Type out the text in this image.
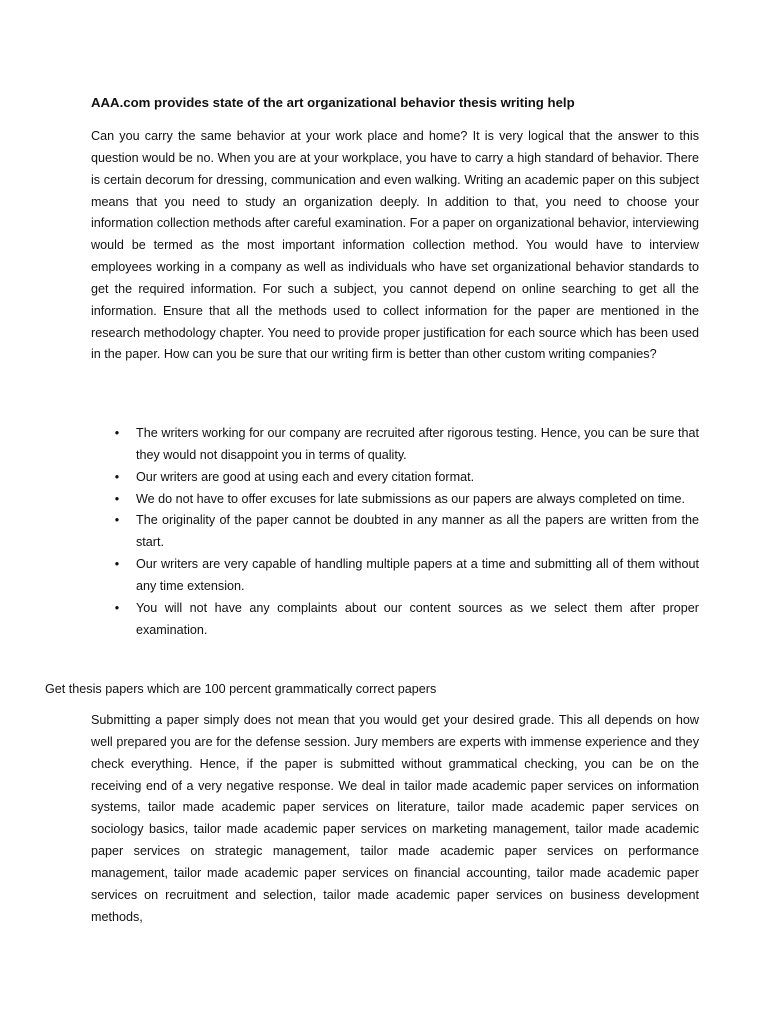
AAA.com provides state of the art organizational behavior thesis writing help

Can you carry the same behavior at your work place and home? It is very logical that the answer to this question would be no. When you are at your workplace, you have to carry a high standard of behavior. There is certain decorum for dressing, communication and even walking. Writing an academic paper on this subject means that you need to study an organization deeply. In addition to that, you need to choose your information collection methods after careful examination. For a paper on organizational behavior, interviewing would be termed as the most important information collection method. You would have to interview employees working in a company as well as individuals who have set organizational behavior standards to get the required information. For such a subject, you cannot depend on online searching to get all the information. Ensure that all the methods used to collect information for the paper are mentioned in the research methodology chapter. You need to provide proper justification for each source which has been used in the paper. How can you be sure that our writing firm is better than other custom writing companies?

• The writers working for our company are recruited after rigorous testing. Hence, you can be sure that they would not disappoint you in terms of quality.
• Our writers are good at using each and every citation format.
• We do not have to offer excuses for late submissions as our papers are always completed on time.
• The originality of the paper cannot be doubted in any manner as all the papers are written from the start.
• Our writers are very capable of handling multiple papers at a time and submitting all of them without any time extension.
• You will not have any complaints about our content sources as we select them after proper examination.
Get thesis papers which are 100 percent grammatically correct papers

Submitting a paper simply does not mean that you would get your desired grade. This all depends on how well prepared you are for the defense session. Jury members are experts with immense experience and they check everything. Hence, if the paper is submitted without grammatical checking, you can be on the receiving end of a very negative response. We deal in tailor made academic paper services on information systems, tailor made academic paper services on literature, tailor made academic paper services on sociology basics, tailor made academic paper services on marketing management, tailor made academic paper services on strategic management, tailor made academic paper services on performance management, tailor made academic paper services on financial accounting, tailor made academic paper services on recruitment and selection, tailor made academic paper services on business development methods,
